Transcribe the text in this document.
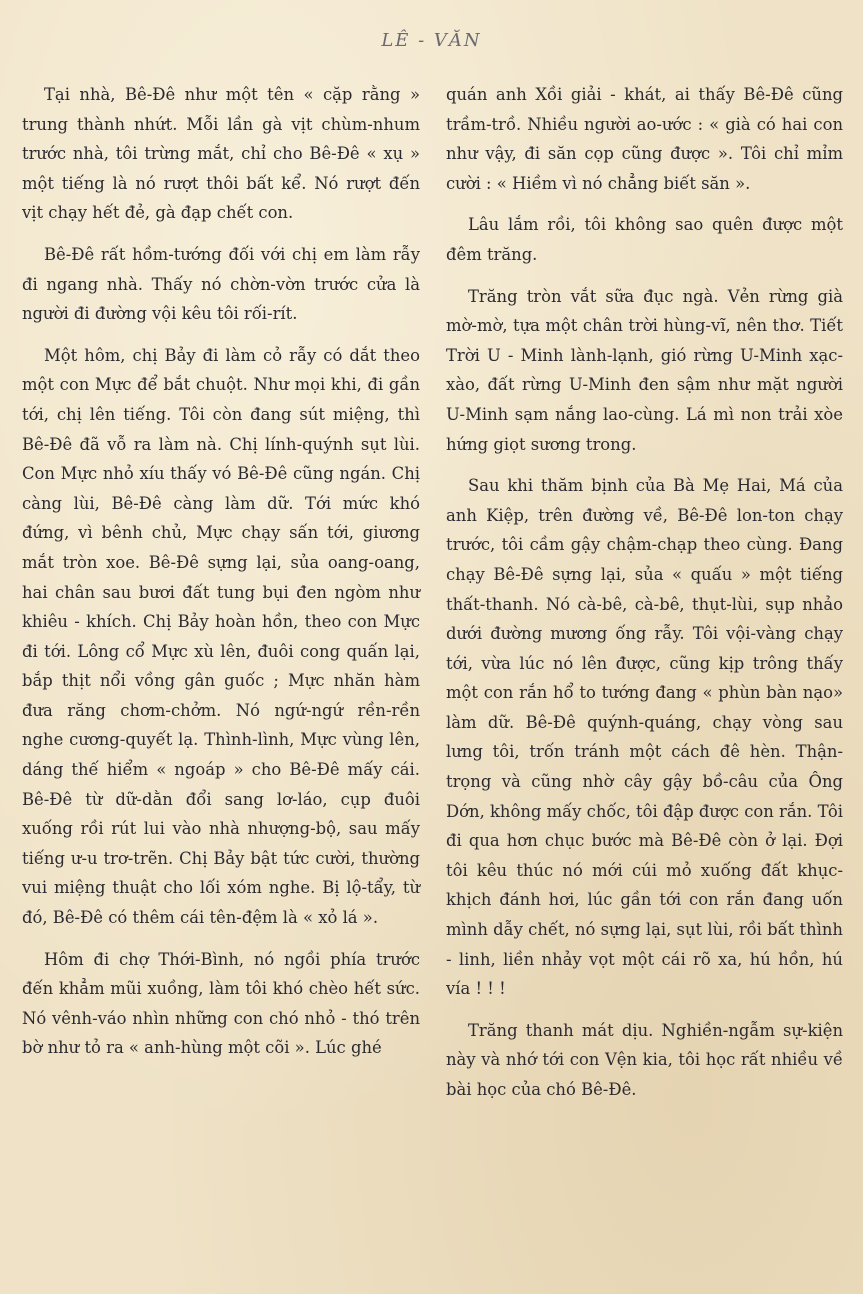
LÊ - VĂN

Tại nhà, Bê-Đê như một tên « cặp rằng » trung thành nhứt. Mỗi lần gà vịt chùm-nhum trước nhà, tôi trừng mắt, chỉ cho Bê-Đê « xụ » một tiếng là nó rượt thôi bất kể. Nó rượt đến vịt chạy hết đẻ, gà đạp chết con.

Bê-Đê rất hồm-tướng đối với chị em làm rẫy đi ngang nhà. Thấy nó chờn-vờn trước cửa là người đi đường vội kêu tôi rối-rít.

Một hôm, chị Bảy đi làm cỏ rẫy có dắt theo một con Mực để bắt chuột. Như mọi khi, đi gần tới, chị lên tiếng. Tôi còn đang sút miệng, thì Bê-Đê đã vỗ ra làm nà. Chị lính-quýnh sụt lùi. Con Mực nhỏ xíu thấy vó Bê-Đê cũng ngán. Chị càng lùi, Bê-Đê càng làm dữ. Tới mức khó đứng, vì bênh chủ, Mực chạy sấn tới, giương mắt tròn xoe. Bê-Đê sựng lại, sủa oang-oang, hai chân sau bươi đất tung bụi đen ngòm như khiêu - khích. Chị Bảy hoàn hồn, theo con Mực đi tới. Lông cổ Mực xù lên, đuôi cong quấn lại, bắp thịt nổi vồng gân guốc ; Mực nhăn hàm đưa răng chơm-chởm. Nó ngứ-ngứ rền-rền nghe cương-quyết lạ. Thình-lình, Mực vùng lên, dáng thế hiểm « ngoáp » cho Bê-Đê mấy cái. Bê-Đê từ dữ-dằn đổi sang lơ-láo, cụp đuôi xuống rồi rút lui vào nhà nhượng-bộ, sau mấy tiếng ư-u trơ-trẽn. Chị Bảy bật tức cười, thường vui miệng thuật cho lối xóm nghe. Bị lộ-tẩy, từ đó, Bê-Đê có thêm cái tên-đệm là « xỏ lá ».

Hôm đi chợ Thới-Bình, nó ngồi phía trước đến khẳm mũi xuồng, làm tôi khó chèo hết sức. Nó vênh-váo nhìn những con chó nhỏ - thó trên bờ như tỏ ra « anh-hùng một cõi ». Lúc ghé

quán anh Xồi giải - khát, ai thấy Bê-Đê cũng trầm-trồ. Nhiều người ao-ước : « già có hai con như vậy, đi săn cọp cũng được ». Tôi chỉ mỉm cười : « Hiềm vì nó chẳng biết săn ».

Lâu lắm rồi, tôi không sao quên được một đêm trăng.

Trăng tròn vắt sữa đục ngà. Vẻn rừng già mờ-mờ, tựa một chân trời hùng-vĩ, nên thơ. Tiết Trời U - Minh lành-lạnh, gió rừng U-Minh xạc-xào, đất rừng U-Minh đen sậm như mặt người U-Minh sạm nắng lao-cùng. Lá mì non trải xòe hứng giọt sương trong.

Sau khi thăm bịnh của Bà Mẹ Hai, Má của anh Kiệp, trên đường về, Bê-Đê lon-ton chạy trước, tôi cầm gậy chậm-chạp theo cùng. Đang chạy Bê-Đê sựng lại, sủa « quấu » một tiếng thất-thanh. Nó cà-bê, cà-bê, thụt-lùi, sụp nhảo dưới đường mương ống rẫy. Tôi vội-vàng chạy tới, vừa lúc nó lên được, cũng kịp trông thấy một con rắn hổ to tướng đang « phùn bàn nạo» làm dữ. Bê-Đê quýnh-quáng, chạy vòng sau lưng tôi, trốn tránh một cách đê hèn. Thận-trọng và cũng nhờ cây gậy bồ-câu của Ông Dớn, không mấy chốc, tôi đập được con rắn. Tôi đi qua hơn chục bước mà Bê-Đê còn ở lại. Đợi tôi kêu thúc nó mới cúi mỏ xuống đất khục-khịch đánh hơi, lúc gần tới con rắn đang uốn mình dẫy chết, nó sựng lại, sụt lùi, rồi bất thình - linh, liền nhảy vọt một cái rõ xa, hú hồn, hú vía ! ! !

Trăng thanh mát dịu. Nghiền-ngẫm sự-kiện này và nhớ tới con Vện kia, tôi học rất nhiều về bài học của chó Bê-Đê.
